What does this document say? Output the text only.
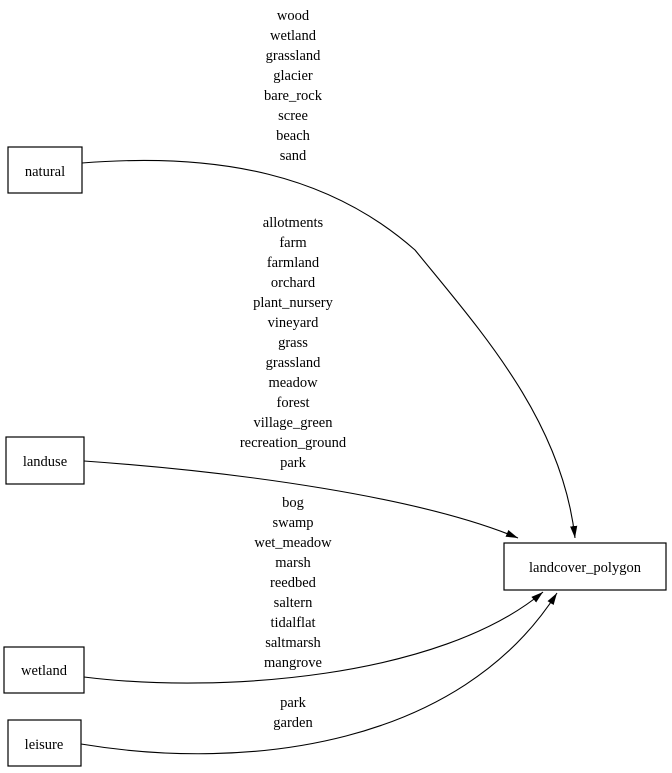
wood
wetland
grassland
glacier
bare_rock
scree
beach
sand
allotments
farm
farmland
orchard
plant_nursery
vineyard
grass
grassland
meadow
forest
village_green
recreation_ground
park
bog
swamp
wet_meadow
marsh
reedbed
saltern
tidalflat
saltmarsh
mangrove
park
garden
natural
landuse
wetland
leisure
landcover_polygon
